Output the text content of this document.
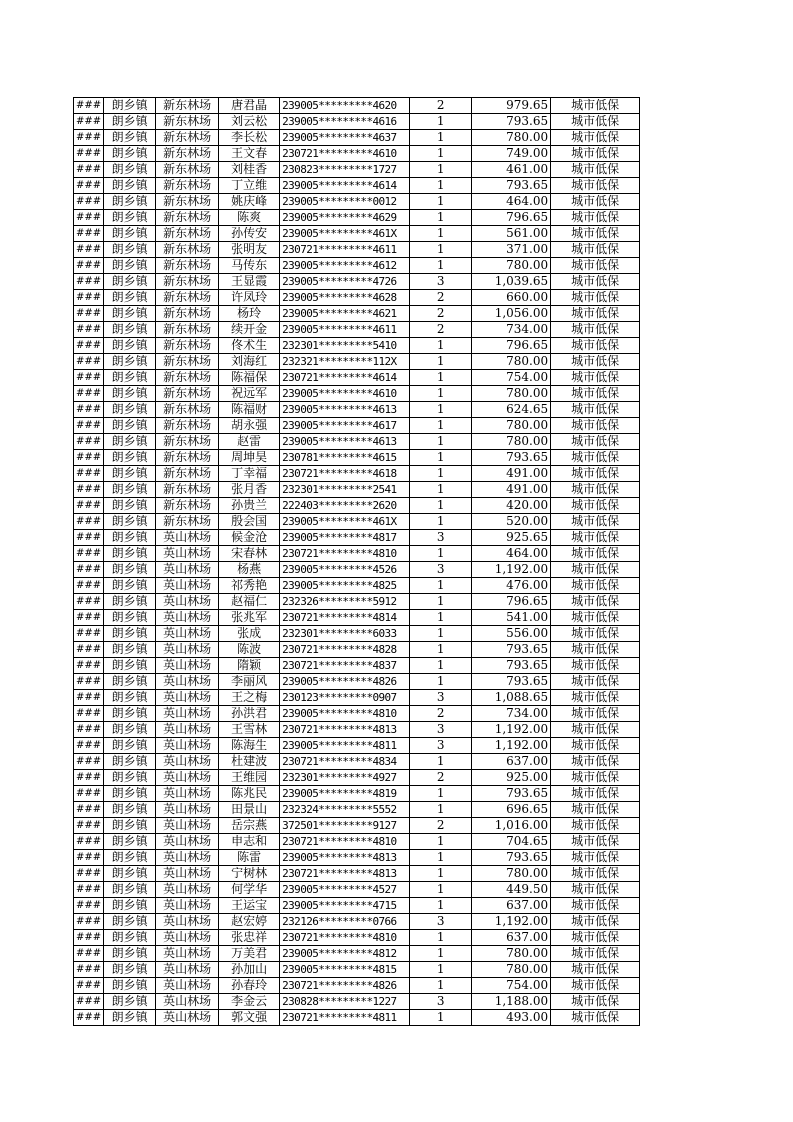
###	朗乡镇	新东林场	唐君晶	239005*********4620	2	979.65	城市低保
###	朗乡镇	新东林场	刘云松	239005*********4616	1	793.65	城市低保
###	朗乡镇	新东林场	李长松	239005*********4637	1	780.00	城市低保
###	朗乡镇	新东林场	王文春	230721*********4610	1	749.00	城市低保
###	朗乡镇	新东林场	刘桂香	230823*********1727	1	461.00	城市低保
###	朗乡镇	新东林场	丁立维	239005*********4614	1	793.65	城市低保
###	朗乡镇	新东林场	姚庆峰	239005*********0012	1	464.00	城市低保
###	朗乡镇	新东林场	陈爽	239005*********4629	1	796.65	城市低保
###	朗乡镇	新东林场	孙传安	239005*********461X	1	561.00	城市低保
###	朗乡镇	新东林场	张明友	230721*********4611	1	371.00	城市低保
###	朗乡镇	新东林场	马传东	239005*********4612	1	780.00	城市低保
###	朗乡镇	新东林场	王显霞	239005*********4726	3	1,039.65	城市低保
###	朗乡镇	新东林场	许凤玲	239005*********4628	2	660.00	城市低保
###	朗乡镇	新东林场	杨玲	239005*********4621	2	1,056.00	城市低保
###	朗乡镇	新东林场	续开金	239005*********4611	2	734.00	城市低保
###	朗乡镇	新东林场	佟术生	232301*********5410	1	796.65	城市低保
###	朗乡镇	新东林场	刘海红	232321*********112X	1	780.00	城市低保
###	朗乡镇	新东林场	陈福保	230721*********4614	1	754.00	城市低保
###	朗乡镇	新东林场	祝远军	239005*********4610	1	780.00	城市低保
###	朗乡镇	新东林场	陈福财	239005*********4613	1	624.65	城市低保
###	朗乡镇	新东林场	胡永强	239005*********4617	1	780.00	城市低保
###	朗乡镇	新东林场	赵雷	239005*********4613	1	780.00	城市低保
###	朗乡镇	新东林场	周坤昊	230781*********4615	1	793.65	城市低保
###	朗乡镇	新东林场	丁幸福	230721*********4618	1	491.00	城市低保
###	朗乡镇	新东林场	张月香	232301*********2541	1	491.00	城市低保
###	朗乡镇	新东林场	孙贵兰	222403*********2620	1	420.00	城市低保
###	朗乡镇	新东林场	殷会国	239005*********461X	1	520.00	城市低保
###	朗乡镇	英山林场	候金沧	239005*********4817	3	925.65	城市低保
###	朗乡镇	英山林场	宋春林	230721*********4810	1	464.00	城市低保
###	朗乡镇	英山林场	杨燕	239005*********4526	3	1,192.00	城市低保
###	朗乡镇	英山林场	祁秀艳	239005*********4825	1	476.00	城市低保
###	朗乡镇	英山林场	赵福仁	232326*********5912	1	796.65	城市低保
###	朗乡镇	英山林场	张兆军	230721*********4814	1	541.00	城市低保
###	朗乡镇	英山林场	张成	232301*********6033	1	556.00	城市低保
###	朗乡镇	英山林场	陈波	230721*********4828	1	793.65	城市低保
###	朗乡镇	英山林场	隋颖	230721*********4837	1	793.65	城市低保
###	朗乡镇	英山林场	李丽风	239005*********4826	1	793.65	城市低保
###	朗乡镇	英山林场	王之梅	230123*********0907	3	1,088.65	城市低保
###	朗乡镇	英山林场	孙洪君	239005*********4810	2	734.00	城市低保
###	朗乡镇	英山林场	王雪林	230721*********4813	3	1,192.00	城市低保
###	朗乡镇	英山林场	陈海生	239005*********4811	3	1,192.00	城市低保
###	朗乡镇	英山林场	杜建波	230721*********4834	1	637.00	城市低保
###	朗乡镇	英山林场	王维园	232301*********4927	2	925.00	城市低保
###	朗乡镇	英山林场	陈兆民	239005*********4819	1	793.65	城市低保
###	朗乡镇	英山林场	田景山	232324*********5552	1	696.65	城市低保
###	朗乡镇	英山林场	岳宗燕	372501*********9127	2	1,016.00	城市低保
###	朗乡镇	英山林场	申志和	230721*********4810	1	704.65	城市低保
###	朗乡镇	英山林场	陈雷	239005*********4813	1	793.65	城市低保
###	朗乡镇	英山林场	宁树林	230721*********4813	1	780.00	城市低保
###	朗乡镇	英山林场	何学华	239005*********4527	1	449.50	城市低保
###	朗乡镇	英山林场	王运宝	239005*********4715	1	637.00	城市低保
###	朗乡镇	英山林场	赵宏婷	232126*********0766	3	1,192.00	城市低保
###	朗乡镇	英山林场	张忠祥	230721*********4810	1	637.00	城市低保
###	朗乡镇	英山林场	万美君	239005*********4812	1	780.00	城市低保
###	朗乡镇	英山林场	孙加山	239005*********4815	1	780.00	城市低保
###	朗乡镇	英山林场	孙春玲	230721*********4826	1	754.00	城市低保
###	朗乡镇	英山林场	李金云	230828*********1227	3	1,188.00	城市低保
###	朗乡镇	英山林场	郭文强	230721*********4811	1	493.00	城市低保
